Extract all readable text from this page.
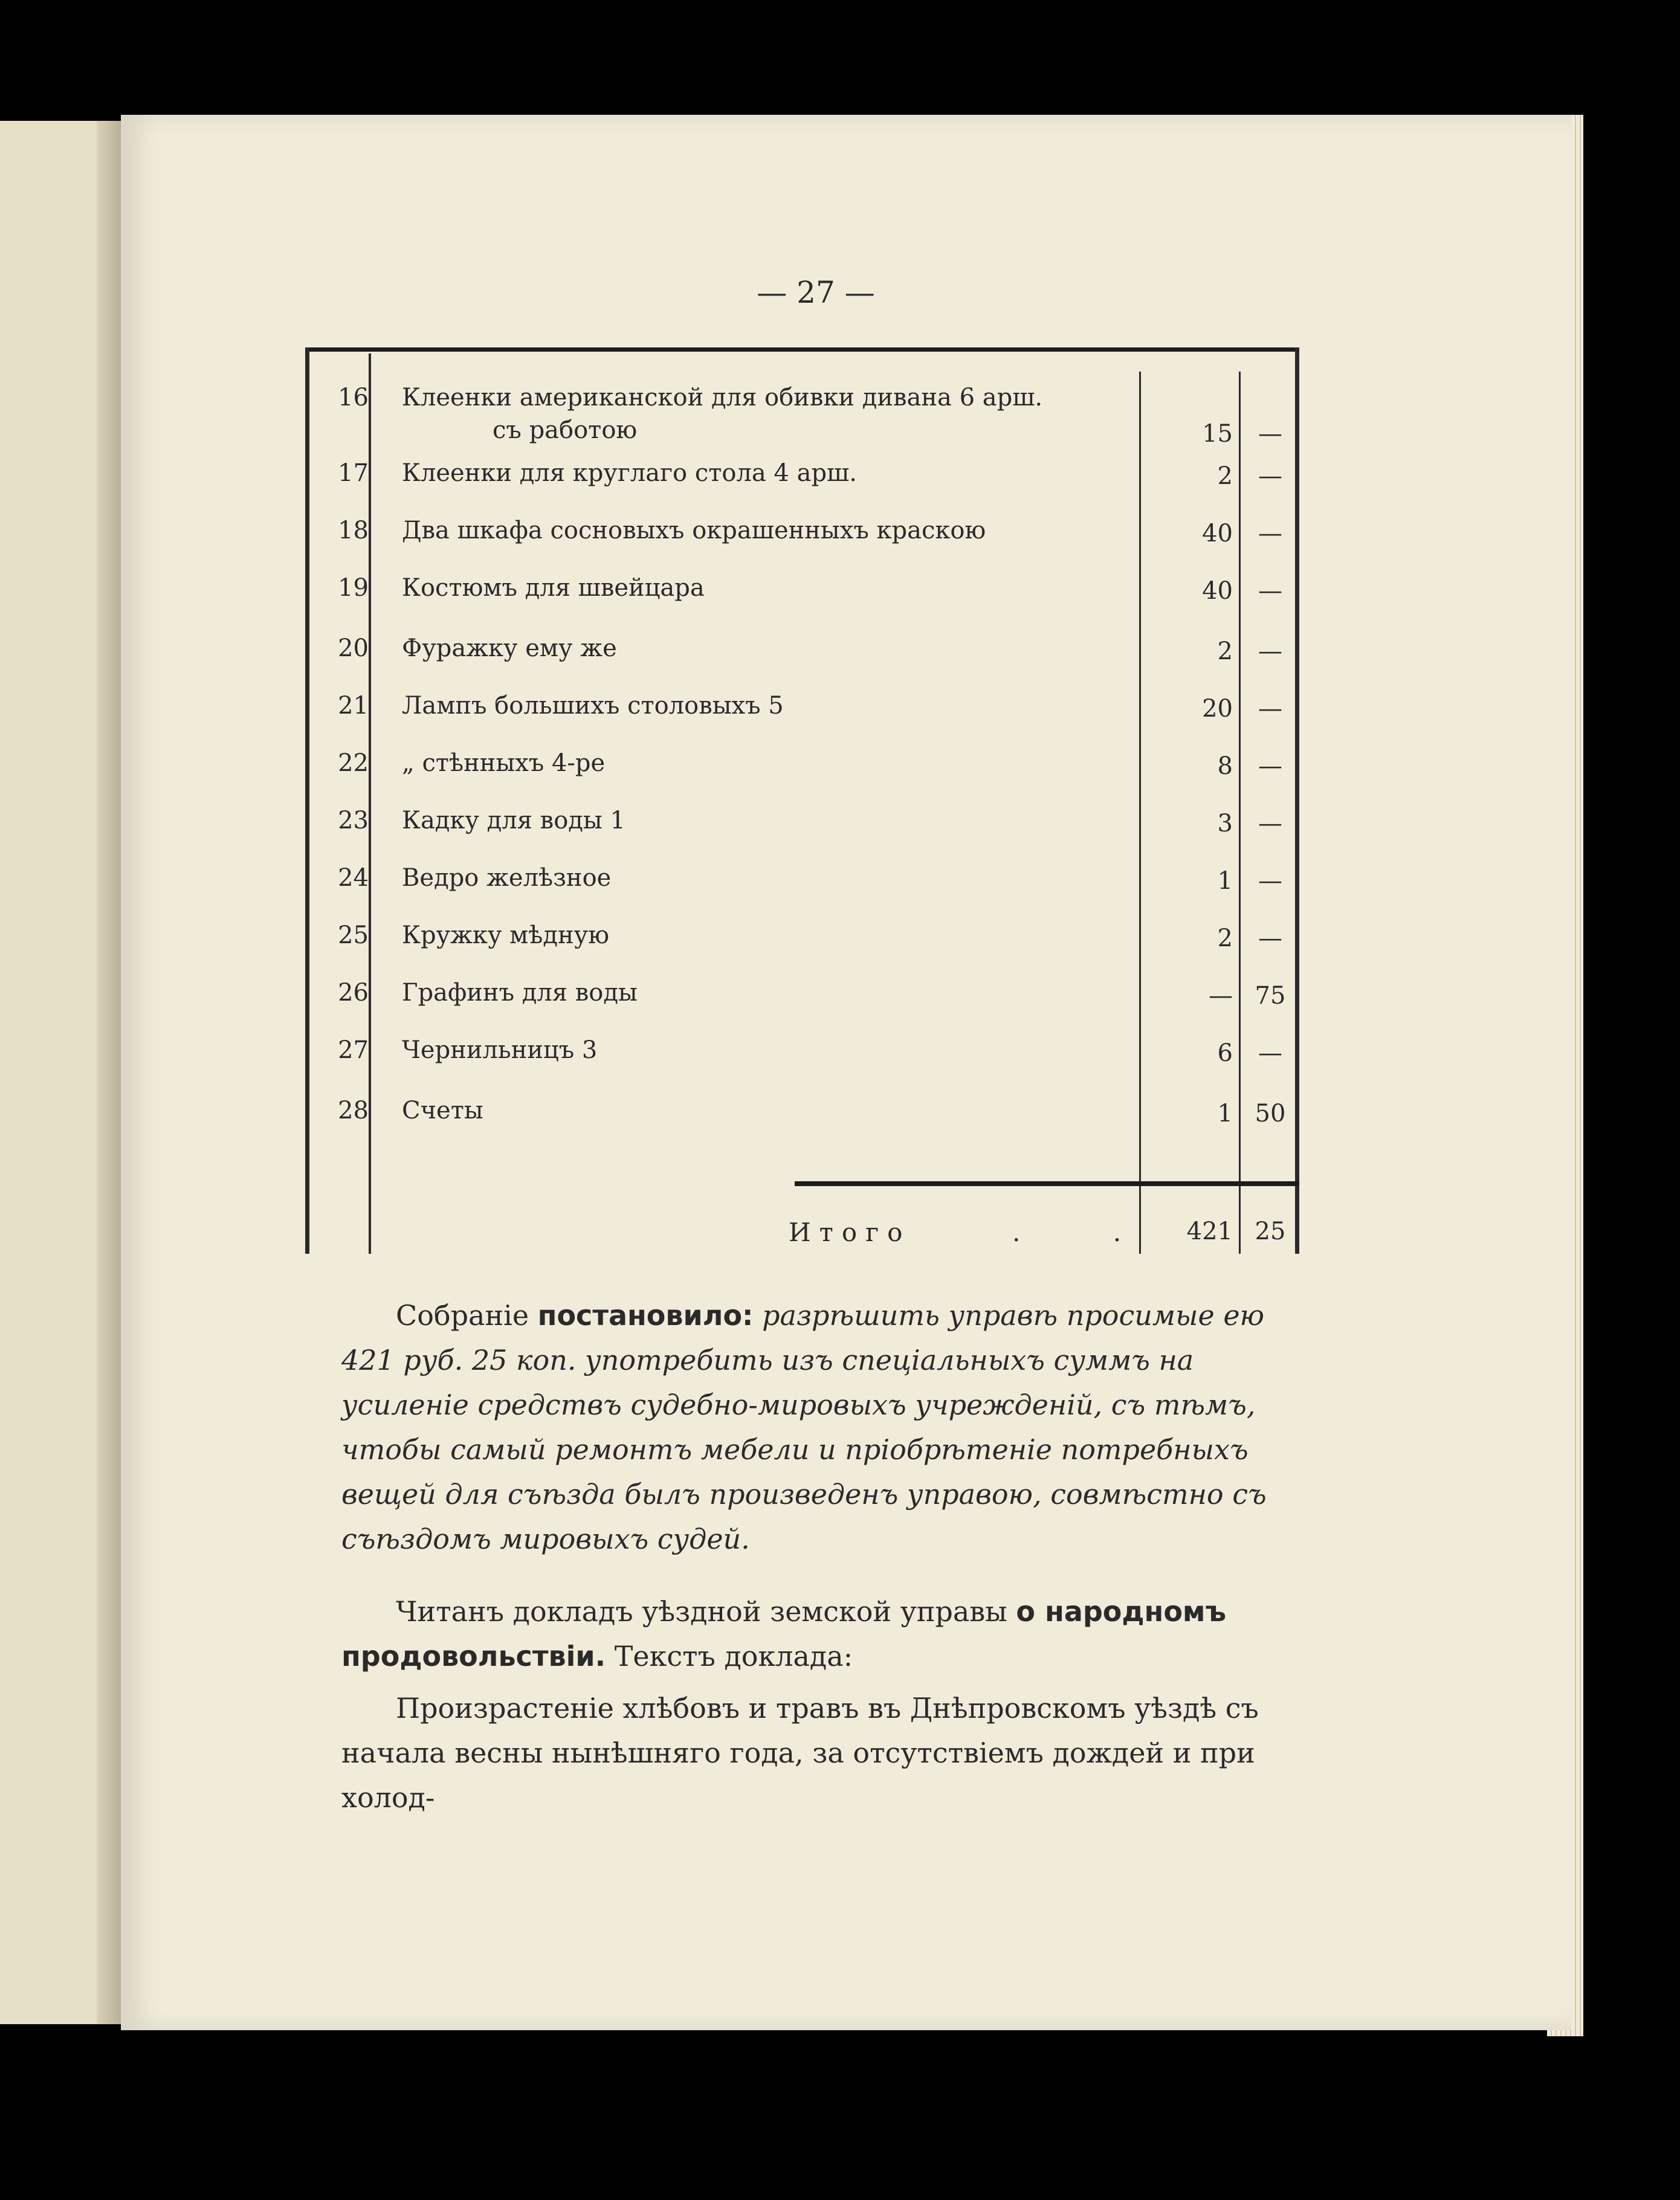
— 27 —
16 Клеенки американской для обивки дивана 6 арш.
съ работою	15	—
17 Клеенки для круглаго стола 4 арш.	2	—
18 Два шкафа сосновыхъ окрашенныхъ краскою	40	—
19 Костюмъ для швейцара	40	—
20 Фуражку ему же	2	—
21 Лампъ большихъ столовыхъ 5	20	—
22 „ стѣнныхъ 4-ре	8	—
23 Кадку для воды 1	3	—
24 Ведро желѣзное	1	—
25 Кружку мѣдную	2	—
26 Графинъ для воды	— 75
27 Чернильницъ 3	6	—
28 Счеты	1 50
Итого	. . 421 25
Собраніе постановило: разрѣшить управѣ просимые ею 421 руб. 25 коп. употребить изъ спеціальныхъ суммъ на усиленіе средствъ судебно-мировыхъ учрежденій, съ тѣмъ, чтобы самый ремонтъ мебели и пріобрѣтеніе потребныхъ вещей для съѣзда былъ произведенъ управою, совмѣстно съ съѣздомъ мировыхъ судей.
Читанъ докладъ уѣздной земской управы о народномъ продовольствіи. Текстъ доклада:
Произрастеніе хлѣбовъ и травъ въ Днѣпровскомъ уѣздѣ съ начала весны нынѣшняго года, за отсутствіемъ дождей и при холод-
